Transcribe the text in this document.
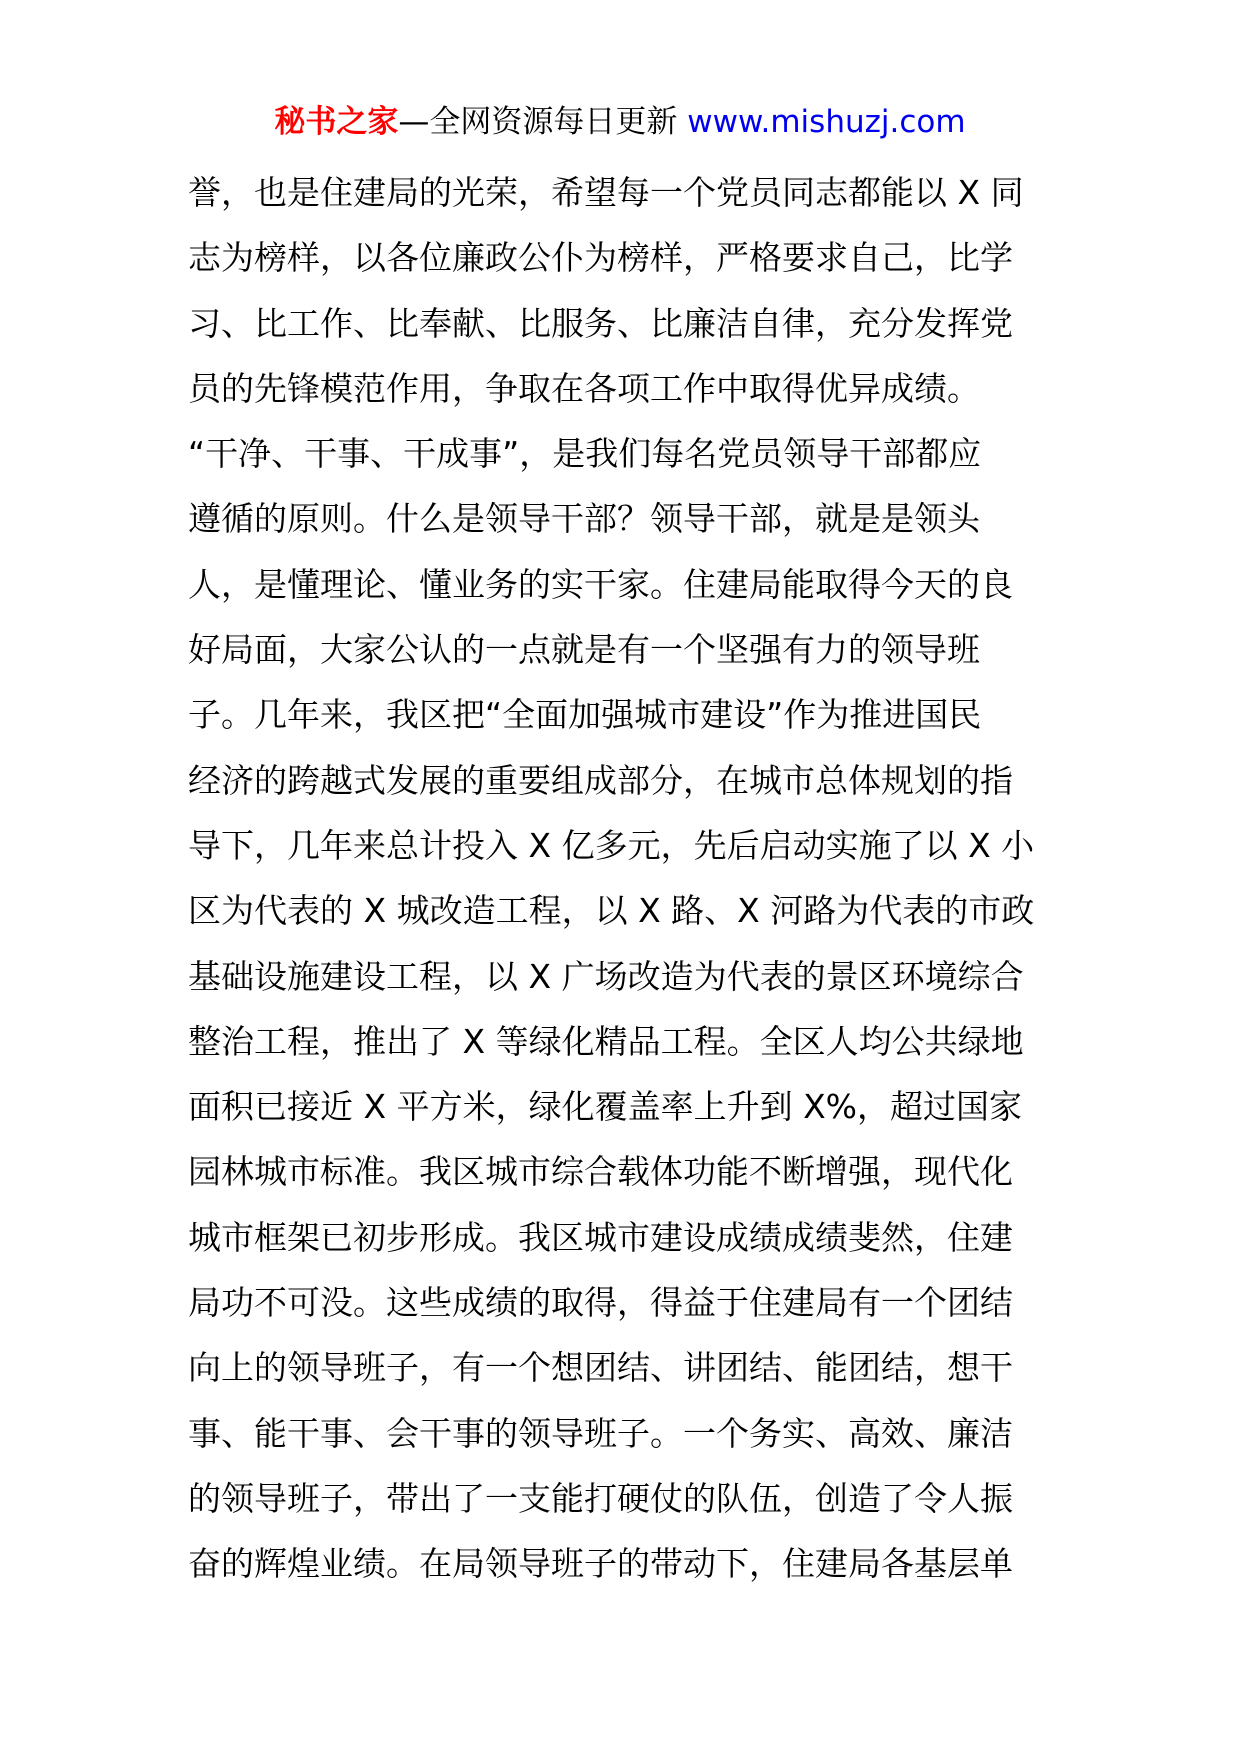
秘书之家—全网资源每日更新 www.mishuzj.com
誉，也是住建局的光荣，希望每一个党员同志都能以 X 同
志为榜样，以各位廉政公仆为榜样，严格要求自己，比学
习、比工作、比奉献、比服务、比廉洁自律，充分发挥党
员的先锋模范作用，争取在各项工作中取得优异成绩。
“干净、干事、干成事”，是我们每名党员领导干部都应
遵循的原则。什么是领导干部？领导干部，就是是领头
人，是懂理论、懂业务的实干家。住建局能取得今天的良
好局面，大家公认的一点就是有一个坚强有力的领导班
子。几年来，我区把“全面加强城市建设”作为推进国民
经济的跨越式发展的重要组成部分，在城市总体规划的指
导下，几年来总计投入 X 亿多元，先后启动实施了以 X 小
区为代表的 X 城改造工程，以 X 路、X 河路为代表的市政
基础设施建设工程，以 X 广场改造为代表的景区环境综合
整治工程，推出了 X 等绿化精品工程。全区人均公共绿地
面积已接近 X 平方米，绿化覆盖率上升到 X%，超过国家
园林城市标准。我区城市综合载体功能不断增强，现代化
城市框架已初步形成。我区城市建设成绩成绩斐然，住建
局功不可没。这些成绩的取得，得益于住建局有一个团结
向上的领导班子，有一个想团结、讲团结、能团结，想干
事、能干事、会干事的领导班子。一个务实、高效、廉洁
的领导班子，带出了一支能打硬仗的队伍，创造了令人振
奋的辉煌业绩。在局领导班子的带动下，住建局各基层单
